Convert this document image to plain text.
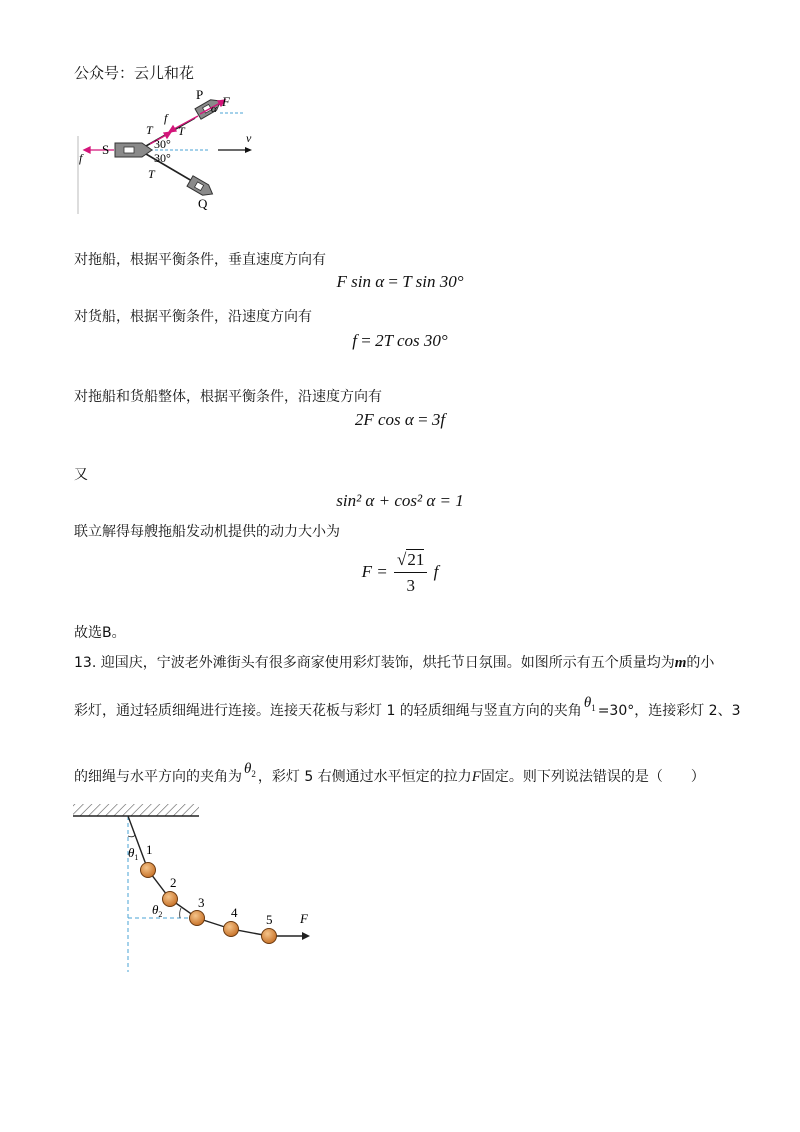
公众号：云儿和花
P F
α
f
T
T
30°
30°
S
f
T
Q
v
对拖船，根据平衡条件，垂直速度方向有
F sin α = T sin 30°
对货船，根据平衡条件，沿速度方向有
f = 2T cos 30°
对拖船和货船整体，根据平衡条件，沿速度方向有
2F cos α = 3f
又
sin² α + cos² α = 1
联立解得每艘拖船发动机提供的动力大小为
$F = \frac{√21}{3}$ f
故选B。
13. 迎国庆，宁波老外滩街头有很多商家使用彩灯装饰，烘托节日氛围。如图所示有五个质量均为m的小
彩灯，通过轻质细绳进行连接。连接天花板与彩灯 1 的轻质细绳与竖直方向的夹角 $\theta_1 =30^\circ$，连接彩灯 2、3
的细绳与水平方向的夹角为 $\theta_2$ ，彩灯 5 右侧通过水平恒定的拉力F固定。则下列说法错误的是（　　）
1
2
3
4 5 F
$\theta_1$
$\theta_2$
